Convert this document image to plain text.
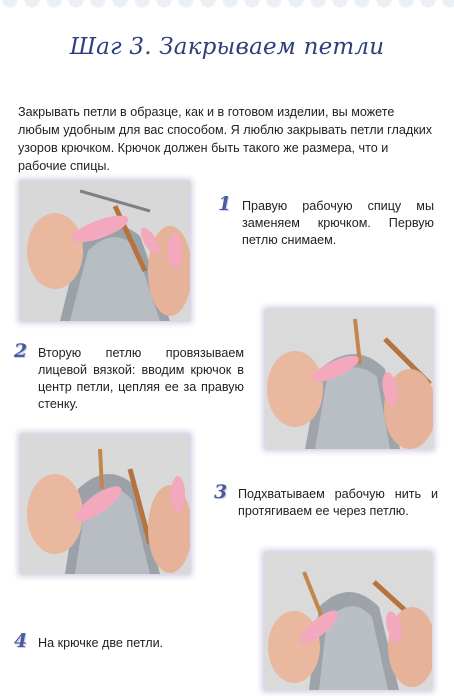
Шаг 3. Закрываем петли
Закрывать петли в образце, как и в готовом изделии, вы можете любым удобным для вас способом. Я люблю закрывать петли гладких узоров крючком. Крючок должен быть такого же размера, что и рабочие спицы.
1 Правую рабочую спицу мы заменяем крючком. Первую петлю снимаем.
2 Вторую петлю провязываем лицевой вязкой: вводим крючок в центр петли, цепляя ее за правую стенку.
3 Подхватываем рабочую нить и протягиваем ее через петлю.
4 На крючке две петли.
